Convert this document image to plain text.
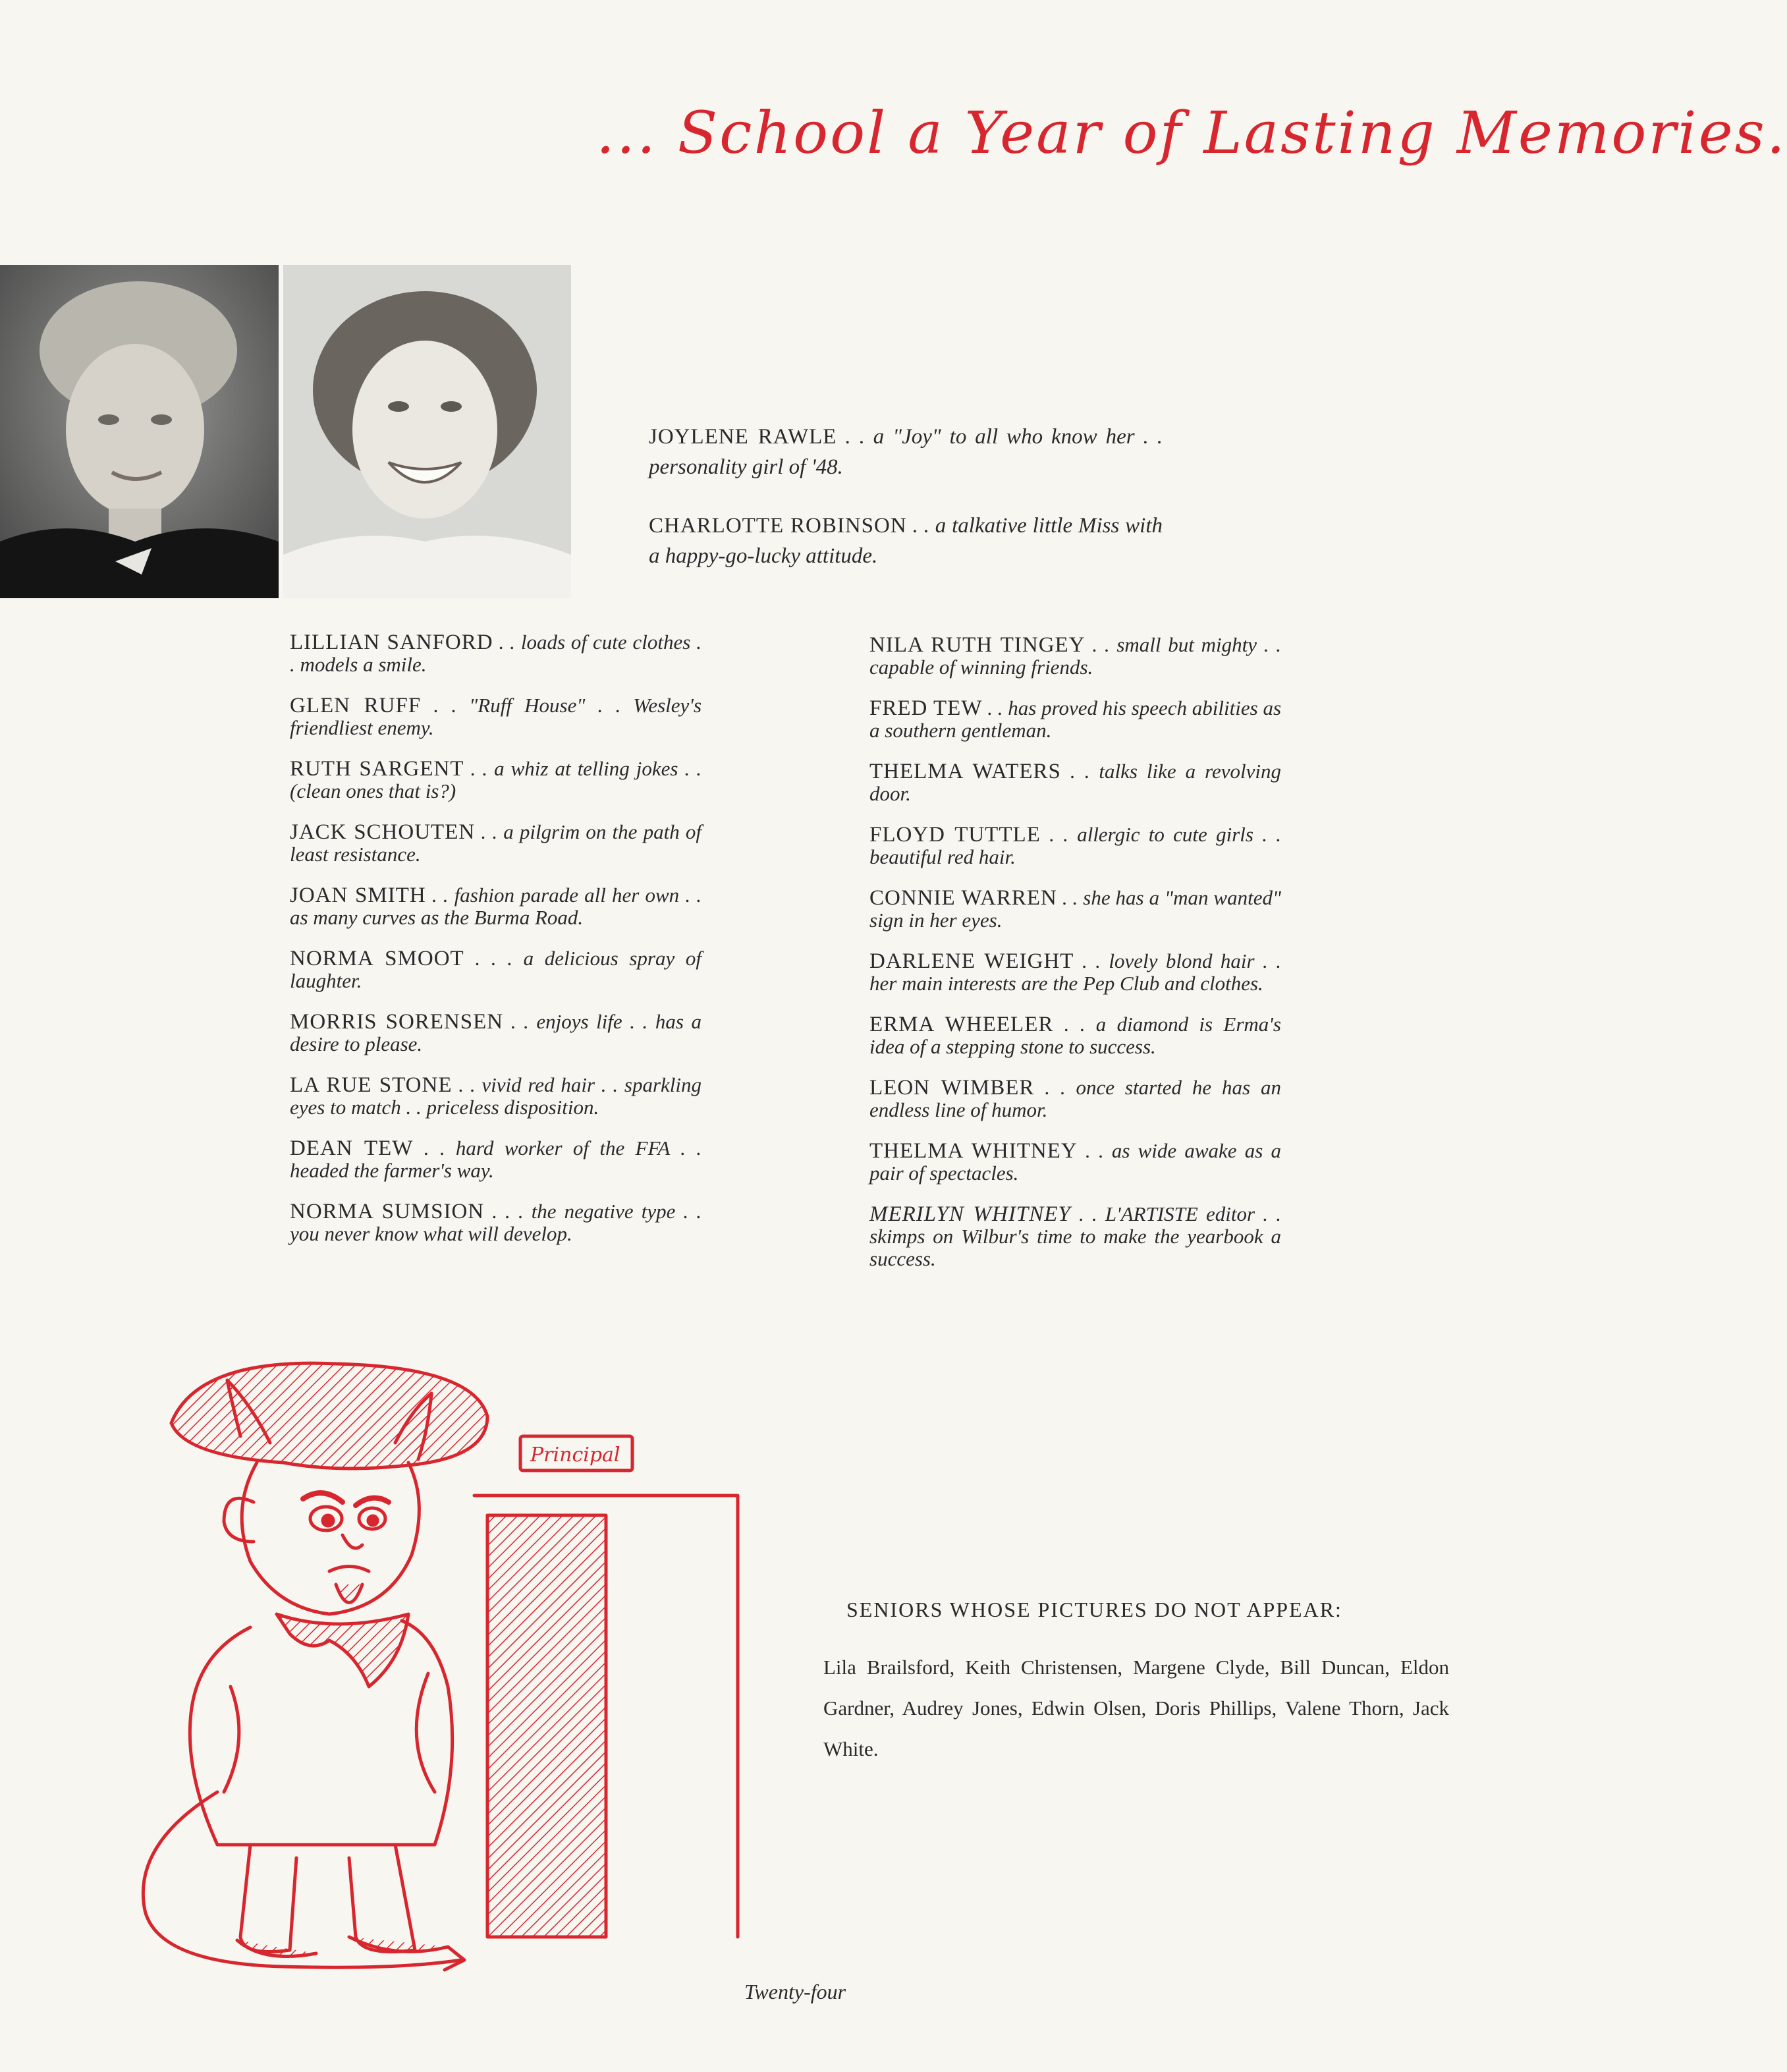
... School a Year of Lasting Memories.
JOYLENE RAWLE . . a "Joy" to all who know her . . personality girl of '48.
CHARLOTTE ROBINSON . . a talkative little Miss with a happy-go-lucky attitude.

LILLIAN SANFORD . . loads of cute clothes . . models a smile.

GLEN RUFF . . "Ruff House" . . Wesley's friendliest enemy.

RUTH SARGENT . . a whiz at telling jokes . . (clean ones that is?)

JACK SCHOUTEN . . a pilgrim on the path of least resistance.

JOAN SMITH . . fashion parade all her own . . as many curves as the Burma Road.

NORMA SMOOT . . . a delicious spray of laughter.

MORRIS SORENSEN . . enjoys life . . has a desire to please.

LA RUE STONE . . vivid red hair . . sparkling eyes to match . . priceless disposition.

DEAN TEW . . hard worker of the FFA . . headed the farmer's way.

NORMA SUMSION . . . the negative type . . you never know what will develop.

NILA RUTH TINGEY . . small but mighty . . capable of winning friends.

FRED TEW . . has proved his speech abilities as a southern gentleman.

THELMA WATERS . . talks like a revolving door.

FLOYD TUTTLE . . allergic to cute girls . . beautiful red hair.

CONNIE WARREN . . she has a "man wanted" sign in her eyes.

DARLENE WEIGHT . . lovely blond hair . . her main interests are the Pep Club and clothes.

ERMA WHEELER . . a diamond is Erma's idea of a stepping stone to success.

LEON WIMBER . . once started he has an endless line of humor.

THELMA WHITNEY . . as wide awake as a pair of spectacles.

MERILYN WHITNEY . . L'ARTISTE editor . . skimps on Wilbur's time to make the yearbook a success.

Principal
SENIORS WHOSE PICTURES DO NOT APPEAR:
Lila Brailsford, Keith Christensen, Margene Clyde, Bill Duncan, Eldon Gardner, Audrey Jones, Edwin Olsen, Doris Phillips, Valene Thorn, Jack White.
Twenty-four
